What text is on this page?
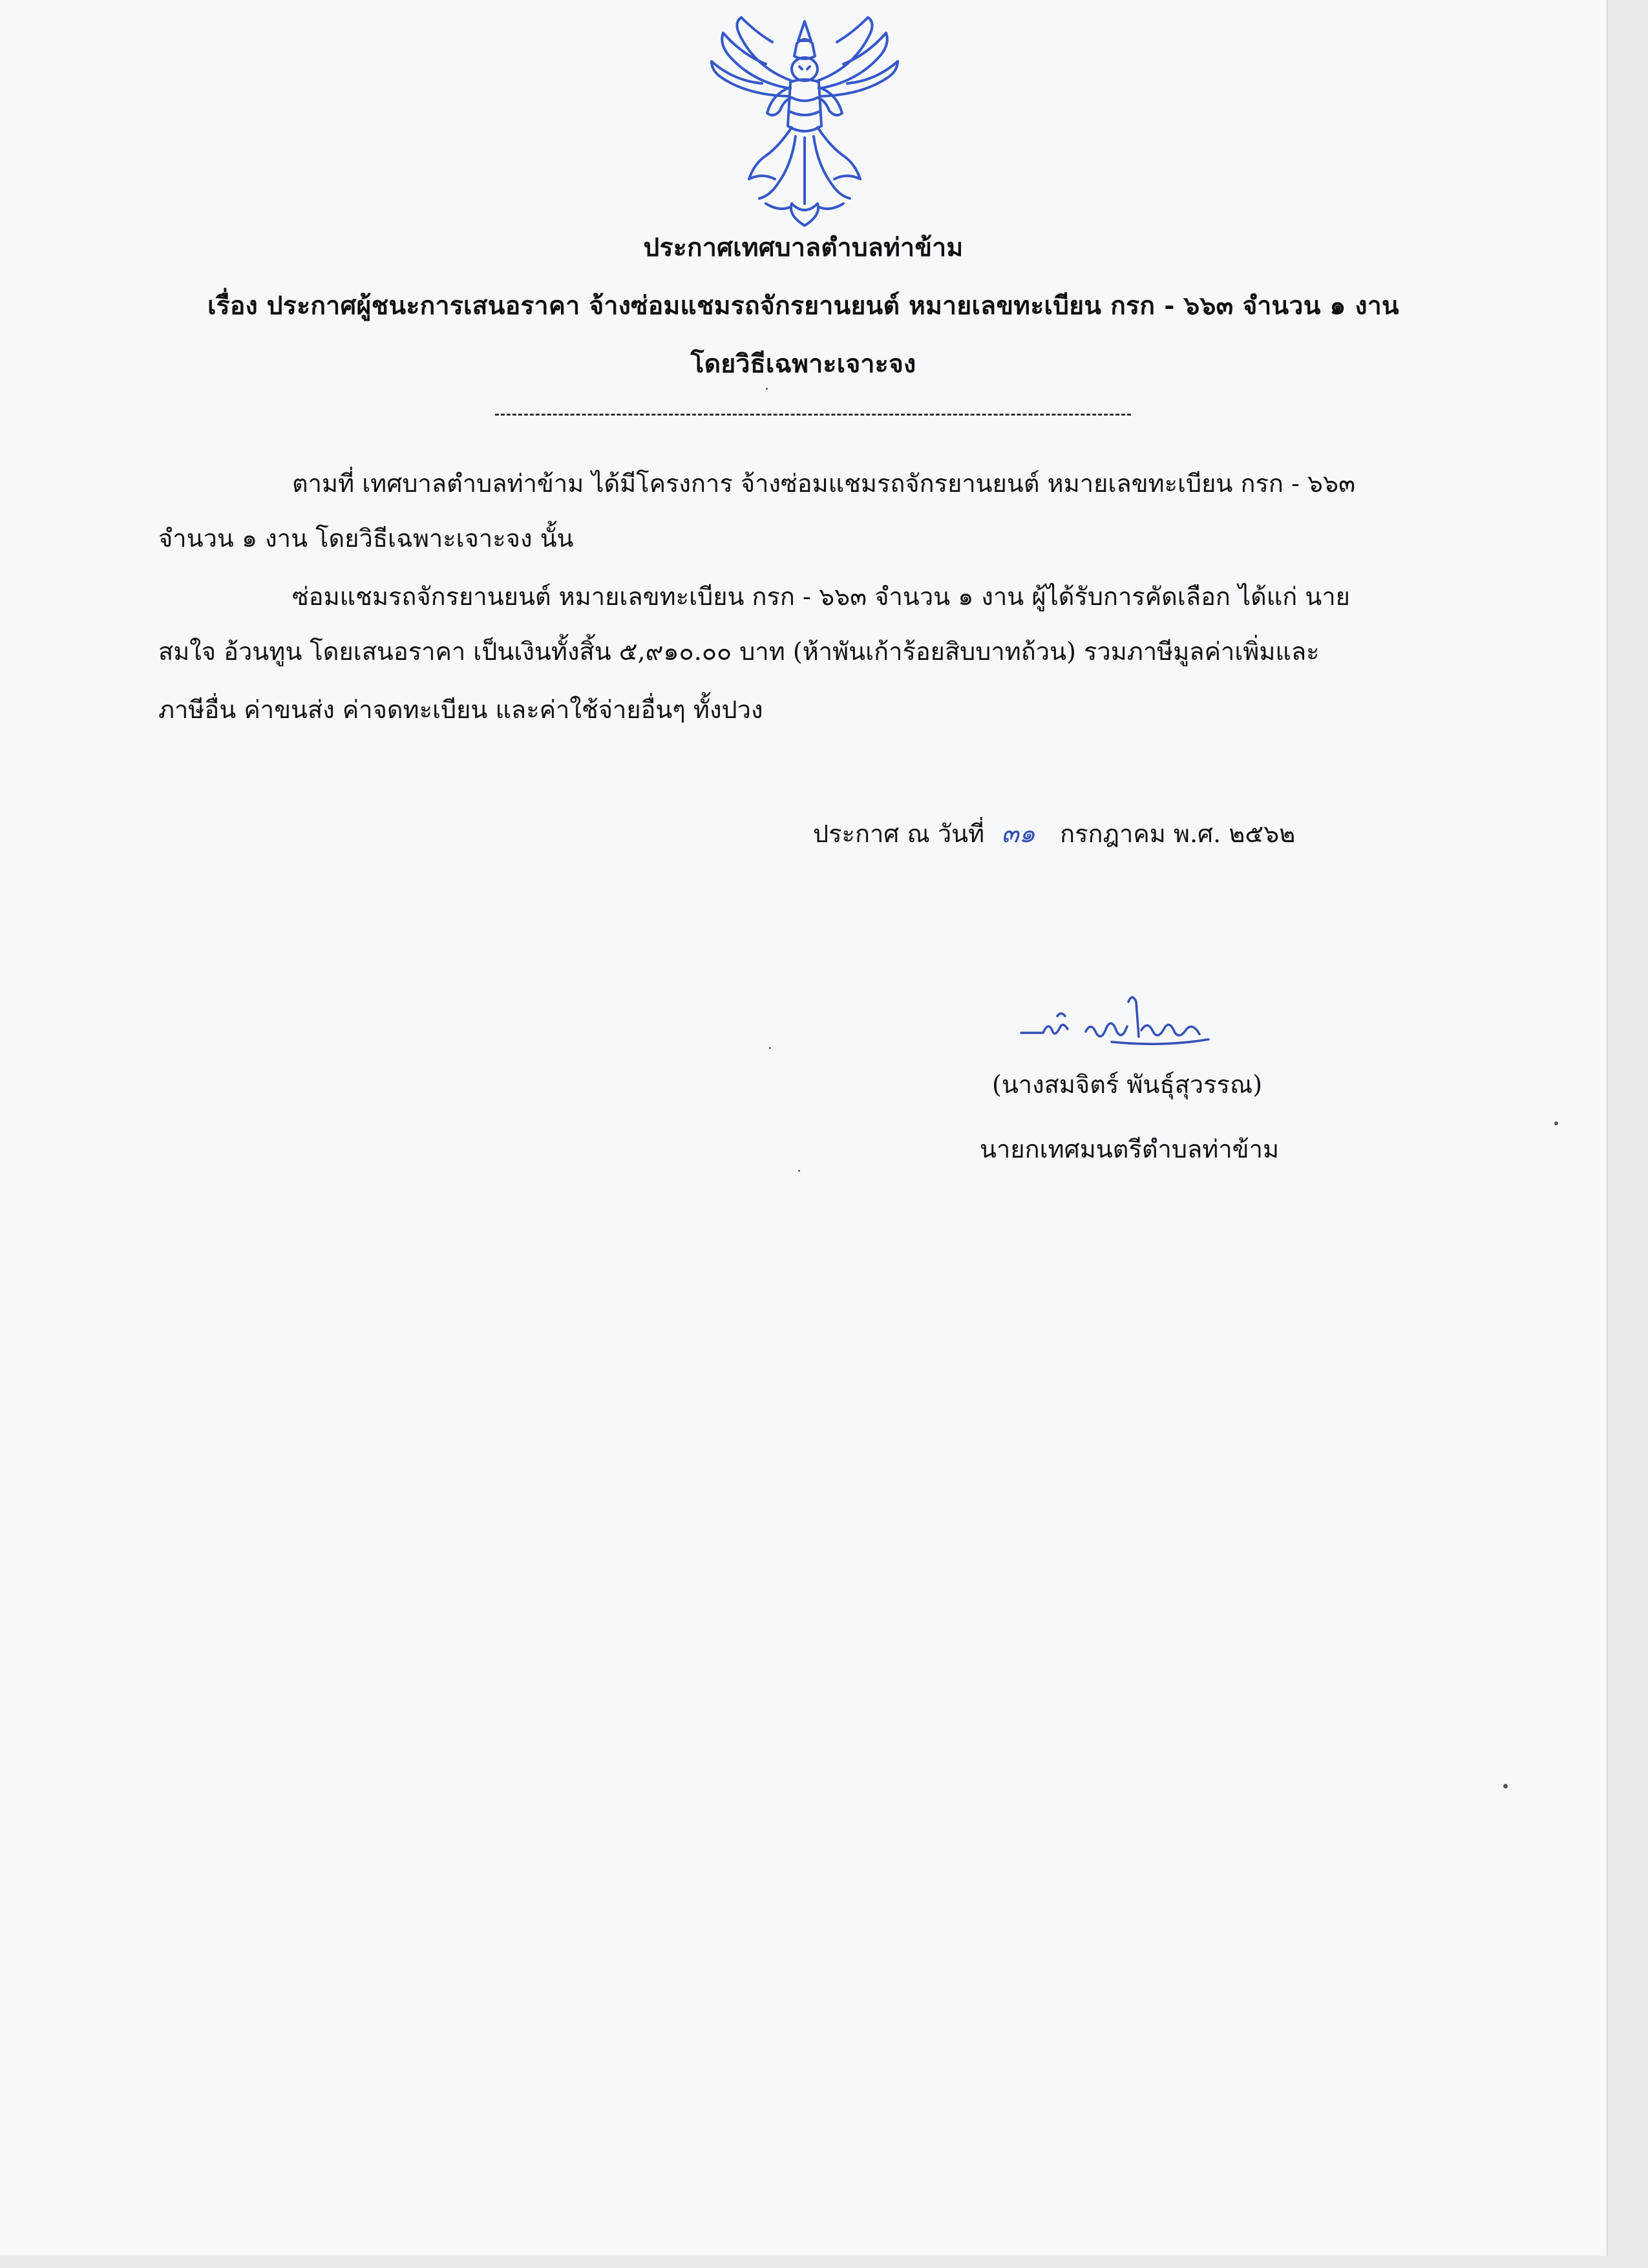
ประกาศเทศบาลตำบลท่าข้าม
เรื่อง ประกาศผู้ชนะการเสนอราคา จ้างซ่อมแชมรถจักรยานยนต์ หมายเลขทะเบียน กรก - ๖๖๓ จำนวน ๑ งาน
โดยวิธีเฉพาะเจาะจง
ตามที่ เทศบาลตำบลท่าข้าม ได้มีโครงการ จ้างซ่อมแชมรถจักรยานยนต์ หมายเลขทะเบียน กรก - ๖๖๓
จำนวน ๑ งาน โดยวิธีเฉพาะเจาะจง นั้น
ซ่อมแชมรถจักรยานยนต์ หมายเลขทะเบียน กรก - ๖๖๓ จำนวน ๑ งาน ผู้ได้รับการคัดเลือก ได้แก่ นาย
สมใจ อ้วนทูน โดยเสนอราคา เป็นเงินทั้งสิ้น ๕,๙๑๐.๐๐ บาท (ห้าพันเก้าร้อยสิบบาทถ้วน) รวมภาษีมูลค่าเพิ่มและ
ภาษีอื่น ค่าขนส่ง ค่าจดทะเบียน และค่าใช้จ่ายอื่นๆ ทั้งปวง
ประกาศ ณ วันที่ ๓๑ กรกฎาคม พ.ศ. ๒๕๖๒
(นางสมจิตร์ พันธุ์สุวรรณ)
นายกเทศมนตรีตำบลท่าข้าม
